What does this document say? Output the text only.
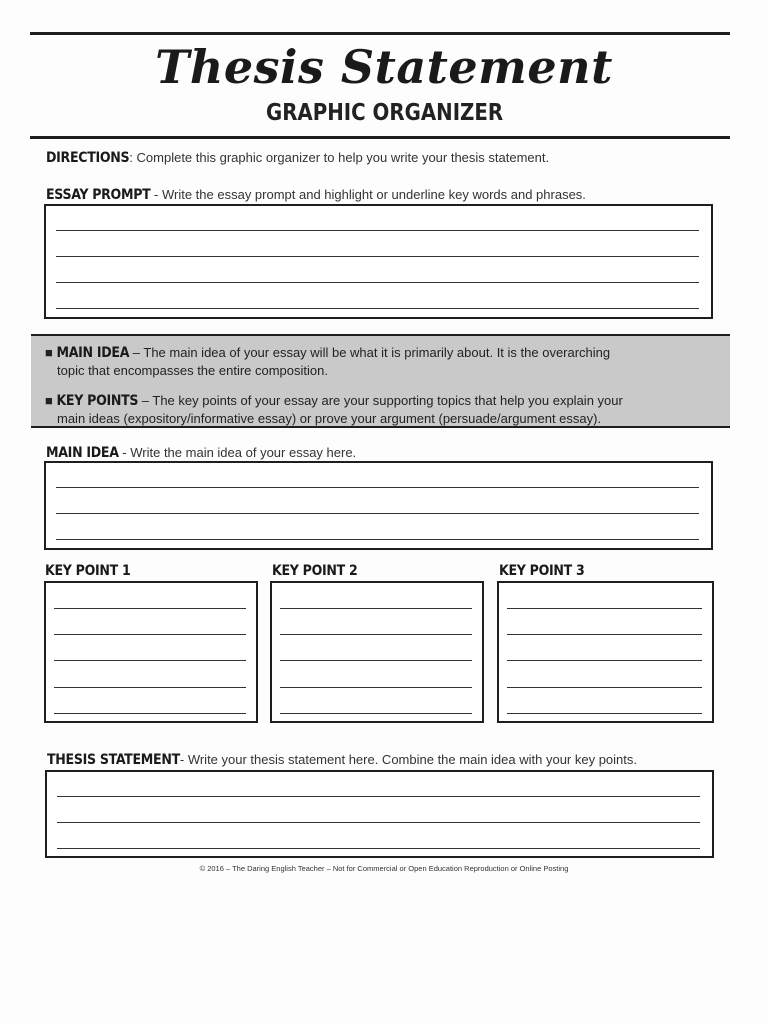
Thesis Statement
GRAPHIC ORGANIZER
DIRECTIONS: Complete this graphic organizer to help you write your thesis statement.
ESSAY PROMPT - Write the essay prompt and highlight or underline key words and phrases.
■ MAIN IDEA – The main idea of your essay will be what it is primarily about. It is the overarching
topic that encompasses the entire composition.
■ KEY POINTS – The key points of your essay are your supporting topics that help you explain your
main ideas (expository/informative essay) or prove your argument (persuade/argument essay).
MAIN IDEA - Write the main idea of your essay here.
KEY POINT 1	KEY POINT 2	KEY POINT 3
THESIS STATEMENT- Write your thesis statement here. Combine the main idea with your key points.
© 2016 – The Daring English Teacher – Not for Commercial or Open Education Reproduction or Online Posting
